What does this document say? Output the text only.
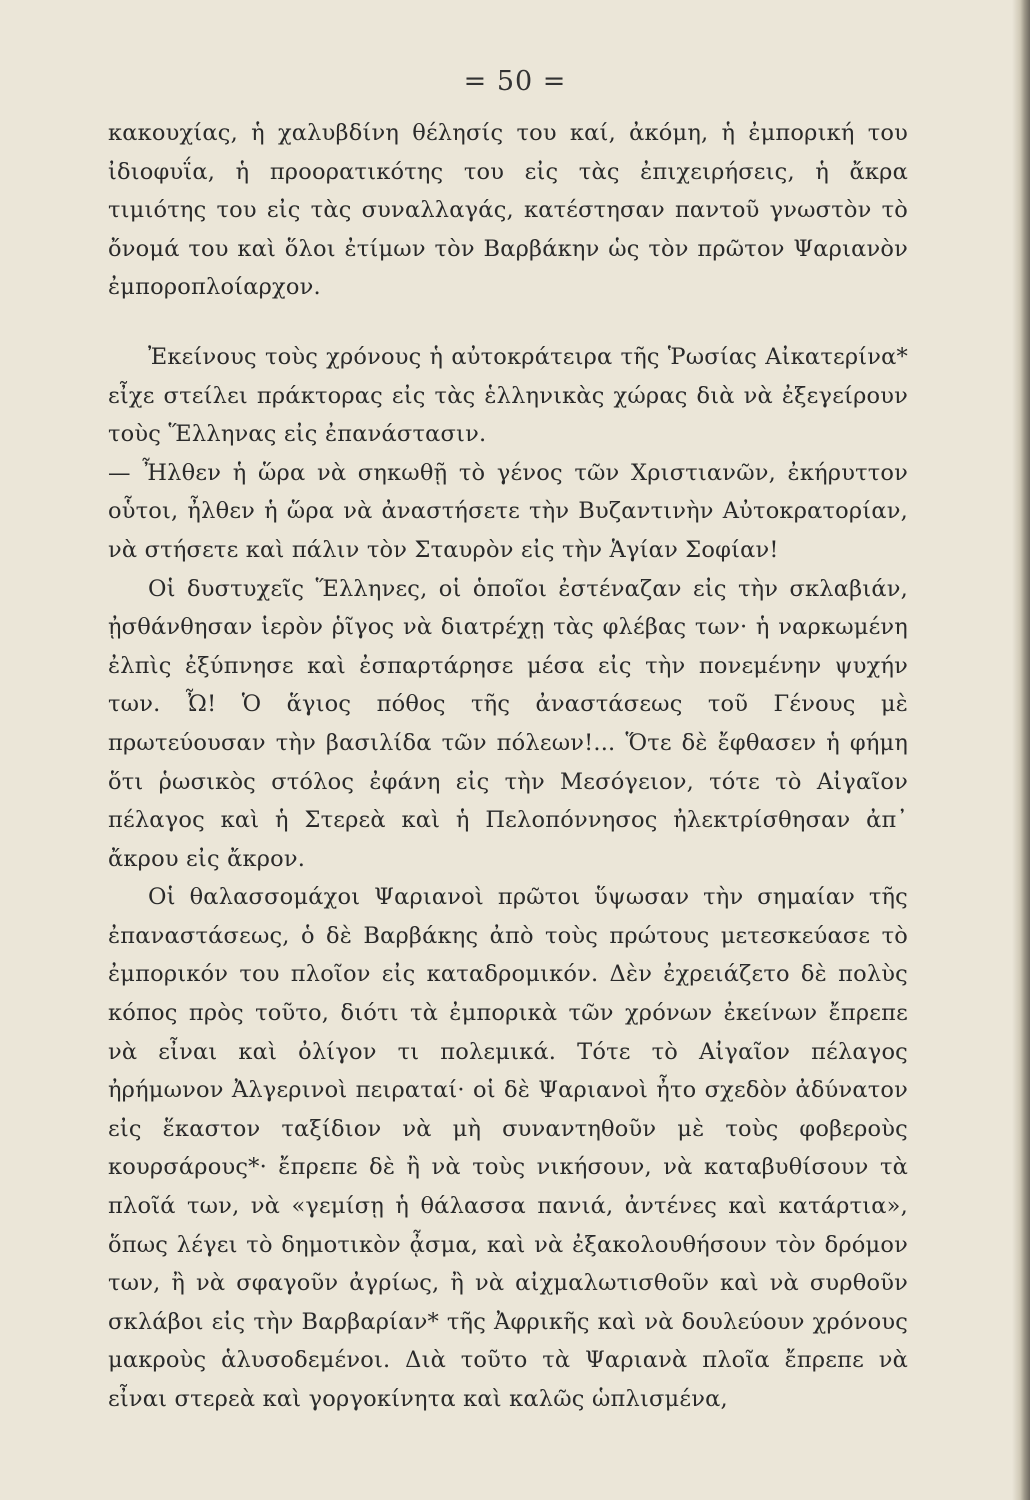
= 50 =

κακουχίας, ἡ χαλυβδίνη θέλησίς του καί, ἀκόμη, ἡ ἐμπορική του ἰδιοφυΐα, ἡ προορατικότης του εἰς τὰς ἐπιχειρήσεις, ἡ ἄκρα τιμιότης του εἰς τὰς συναλλαγάς, κατέστησαν παντοῦ γνωστὸν τὸ ὄνομά του καὶ ὅλοι ἐτίμων τὸν Βαρβάκην ὡς τὸν πρῶτον Ψαριανὸν ἐμποροπλοίαρχον.

Ἐκείνους τοὺς χρόνους ἡ αὐτοκράτειρα τῆς Ῥωσίας Αἰκατερίνα* εἶχε στείλει πράκτορας εἰς τὰς ἑλληνικὰς χώρας διὰ νὰ ἐξεγείρουν τοὺς Ἕλληνας εἰς ἐπανάστασιν.

— Ἦλθεν ἡ ὥρα νὰ σηκωθῇ τὸ γένος τῶν Χριστιανῶν, ἐκήρυττον οὗτοι, ἦλθεν ἡ ὥρα νὰ ἀναστήσετε τὴν Βυζαντινὴν Αὐτοκρατορίαν, νὰ στήσετε καὶ πάλιν τὸν Σταυρὸν εἰς τὴν Ἁγίαν Σοφίαν!

Οἱ δυστυχεῖς Ἕλληνες, οἱ ὁποῖοι ἐστέναζαν εἰς τὴν σκλαβιάν, ᾐσθάνθησαν ἱερὸν ῥῖγος νὰ διατρέχῃ τὰς φλέβας των· ἡ ναρκωμένη ἐλπὶς ἐξύπνησε καὶ ἐσπαρτάρησε μέσα εἰς τὴν πονεμένην ψυχήν των. Ὦ! Ὁ ἅγιος πόθος τῆς ἀναστάσεως τοῦ Γένους μὲ πρωτεύουσαν τὴν βασιλίδα τῶν πόλεων!... Ὅτε δὲ ἔφθασεν ἡ φήμη ὅτι ῥωσικὸς στόλος ἐφάνη εἰς τὴν Μεσόγειον, τότε τὸ Αἰγαῖον πέλαγος καὶ ἡ Στερεὰ καὶ ἡ Πελοπόννησος ἠλεκτρίσθησαν ἀπ᾽ ἄκρου εἰς ἄκρον.

Οἱ θαλασσομάχοι Ψαριανοὶ πρῶτοι ὕψωσαν τὴν σημαίαν τῆς ἐπαναστάσεως, ὁ δὲ Βαρβάκης ἀπὸ τοὺς πρώτους μετεσκεύασε τὸ ἐμπορικόν του πλοῖον εἰς καταδρομικόν. Δὲν ἐχρειάζετο δὲ πολὺς κόπος πρὸς τοῦτο, διότι τὰ ἐμπορικὰ τῶν χρόνων ἐκείνων ἔπρεπε νὰ εἶναι καὶ ὀλίγον τι πολεμικά. Τότε τὸ Αἰγαῖον πέλαγος ἠρήμωνον Ἀλγερινοὶ πειραταί· οἱ δὲ Ψαριανοὶ ἦτο σχεδὸν ἀδύνατον εἰς ἕκαστον ταξίδιον νὰ μὴ συναντηθοῦν μὲ τοὺς φοβεροὺς κουρσάρους*· ἔπρεπε δὲ ἢ νὰ τοὺς νικήσουν, νὰ καταβυθίσουν τὰ πλοῖά των, νὰ «γεμίσῃ ἡ θάλασσα πανιά, ἀντένες καὶ κατάρτια», ὅπως λέγει τὸ δημοτικὸν ᾆσμα, καὶ νὰ ἐξακολουθήσουν τὸν δρόμον των, ἢ νὰ σφαγοῦν ἀγρίως, ἢ νὰ αἰχμαλωτισθοῦν καὶ νὰ συρθοῦν σκλάβοι εἰς τὴν Βαρβαρίαν* τῆς Ἀφρικῆς καὶ νὰ δουλεύουν χρόνους μακροὺς ἁλυσοδεμένοι. Διὰ τοῦτο τὰ Ψαριανὰ πλοῖα ἔπρεπε νὰ εἶναι στερεὰ καὶ γοργοκίνητα καὶ καλῶς ὡπλισμένα,
